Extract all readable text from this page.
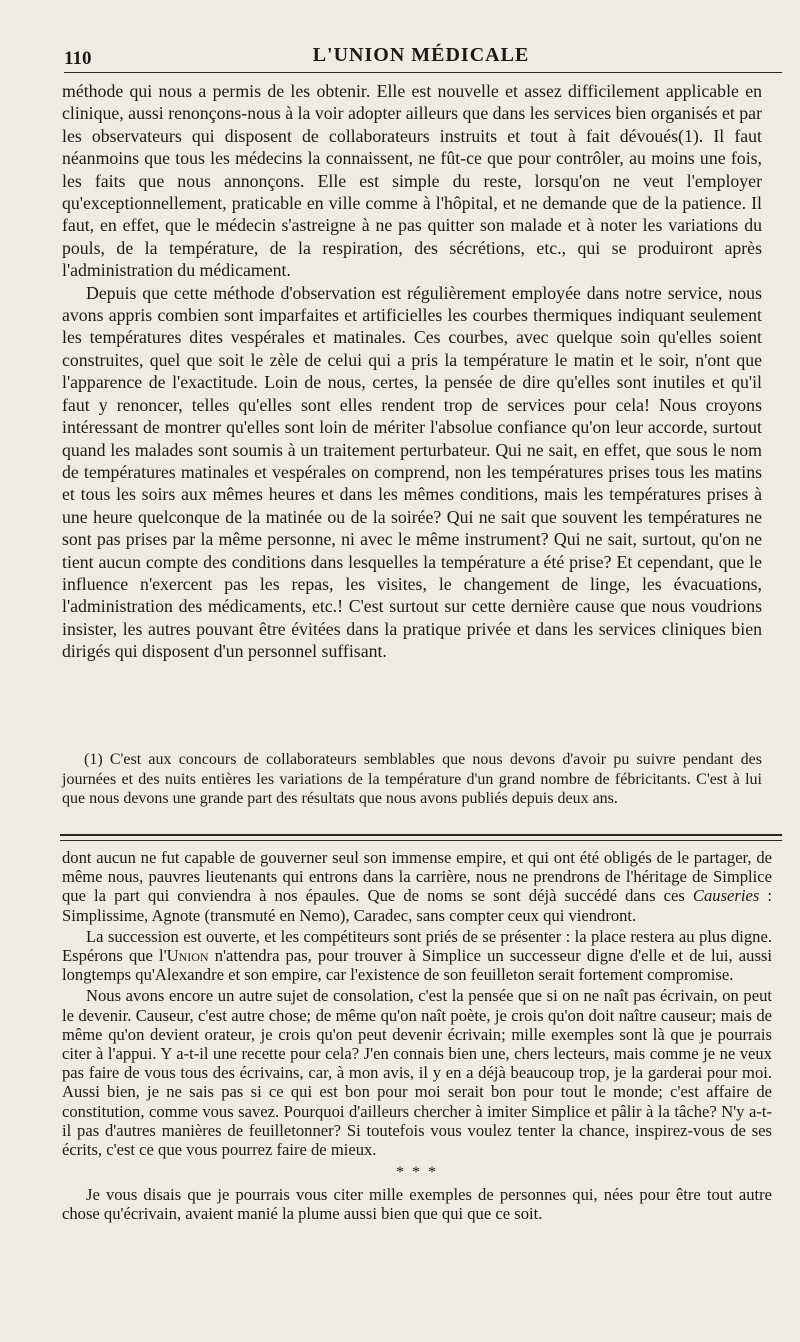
110	L'UNION MÉDICALE

méthode qui nous a permis de les obtenir. Elle est nouvelle et assez difficilement applicable en clinique, aussi renonçons-nous à la voir adopter ailleurs que dans les services bien organisés et par les observateurs qui disposent de collaborateurs instruits et tout à fait dévoués(1). Il faut néanmoins que tous les médecins la connaissent, ne fût-ce que pour contrôler, au moins une fois, les faits que nous annonçons. Elle est simple du reste, lorsqu'on ne veut l'employer qu'exceptionnellement, praticable en ville comme à l'hôpital, et ne demande que de la patience. Il faut, en effet, que le médecin s'astreigne à ne pas quitter son malade et à noter les variations du pouls, de la température, de la respiration, des sécrétions, etc., qui se produiront après l'administration du médicament.

Depuis que cette méthode d'observation est régulièrement employée dans notre service, nous avons appris combien sont imparfaites et artificielles les courbes thermiques indiquant seulement les températures dites vespérales et matinales. Ces courbes, avec quelque soin qu'elles soient construites, quel que soit le zèle de celui qui a pris la température le matin et le soir, n'ont que l'apparence de l'exactitude. Loin de nous, certes, la pensée de dire qu'elles sont inutiles et qu'il faut y renoncer, telles qu'elles sont elles rendent trop de services pour cela! Nous croyons intéressant de montrer qu'elles sont loin de mériter l'absolue confiance qu'on leur accorde, surtout quand les malades sont soumis à un traitement perturbateur. Qui ne sait, en effet, que sous le nom de températures matinales et vespérales on comprend, non les températures prises tous les matins et tous les soirs aux mêmes heures et dans les mêmes conditions, mais les températures prises à une heure quelconque de la matinée ou de la soirée? Qui ne sait que souvent les températures ne sont pas prises par la même personne, ni avec le même instrument? Qui ne sait, surtout, qu'on ne tient aucun compte des conditions dans lesquelles la température a été prise? Et cependant, que le influence n'exercent pas les repas, les visites, le changement de linge, les évacuations, l'administration des médicaments, etc.! C'est surtout sur cette dernière cause que nous voudrions insister, les autres pouvant être évitées dans la pratique privée et dans les services cliniques bien dirigés qui disposent d'un personnel suffisant.

(1) C'est aux concours de collaborateurs semblables que nous devons d'avoir pu suivre pendant des journées et des nuits entières les variations de la température d'un grand nombre de fébricitants. C'est à lui que nous devons une grande part des résultats que nous avons publiés depuis deux ans.

dont aucun ne fut capable de gouverner seul son immense empire, et qui ont été obligés de le partager, de même nous, pauvres lieutenants qui entrons dans la carrière, nous ne prendrons de l'héritage de Simplice que la part qui conviendra à nos épaules. Que de noms se sont déjà succédé dans ces Causeries : Simplissime, Agnote (transmuté en Nemo), Caradec, sans compter ceux qui viendront.

La succession est ouverte, et les compétiteurs sont priés de se présenter : la place restera au plus digne. Espérons que l'Union n'attendra pas, pour trouver à Simplice un successeur digne d'elle et de lui, aussi longtemps qu'Alexandre et son empire, car l'existence de son feuilleton serait fortement compromise.

Nous avons encore un autre sujet de consolation, c'est la pensée que si on ne naît pas écrivain, on peut le devenir. Causeur, c'est autre chose; de même qu'on naît poète, je crois qu'on doit naître causeur; mais de même qu'on devient orateur, je crois qu'on peut devenir écrivain; mille exemples sont là que je pourrais citer à l'appui. Y a-t-il une recette pour cela? J'en connais bien une, chers lecteurs, mais comme je ne veux pas faire de vous tous des écrivains, car, à mon avis, il y en a déjà beaucoup trop, je la garderai pour moi. Aussi bien, je ne sais pas si ce qui est bon pour moi serait bon pour tout le monde; c'est affaire de constitution, comme vous savez. Pourquoi d'ailleurs chercher à imiter Simplice et pâlir à la tâche? N'y a-t-il pas d'autres manières de feuilletonner? Si toutefois vous voulez tenter la chance, inspirez-vous de ses écrits, c'est ce que vous pourrez faire de mieux.

* * *

Je vous disais que je pourrais vous citer mille exemples de personnes qui, nées pour être tout autre chose qu'écrivain, avaient manié la plume aussi bien que qui que ce soit.
